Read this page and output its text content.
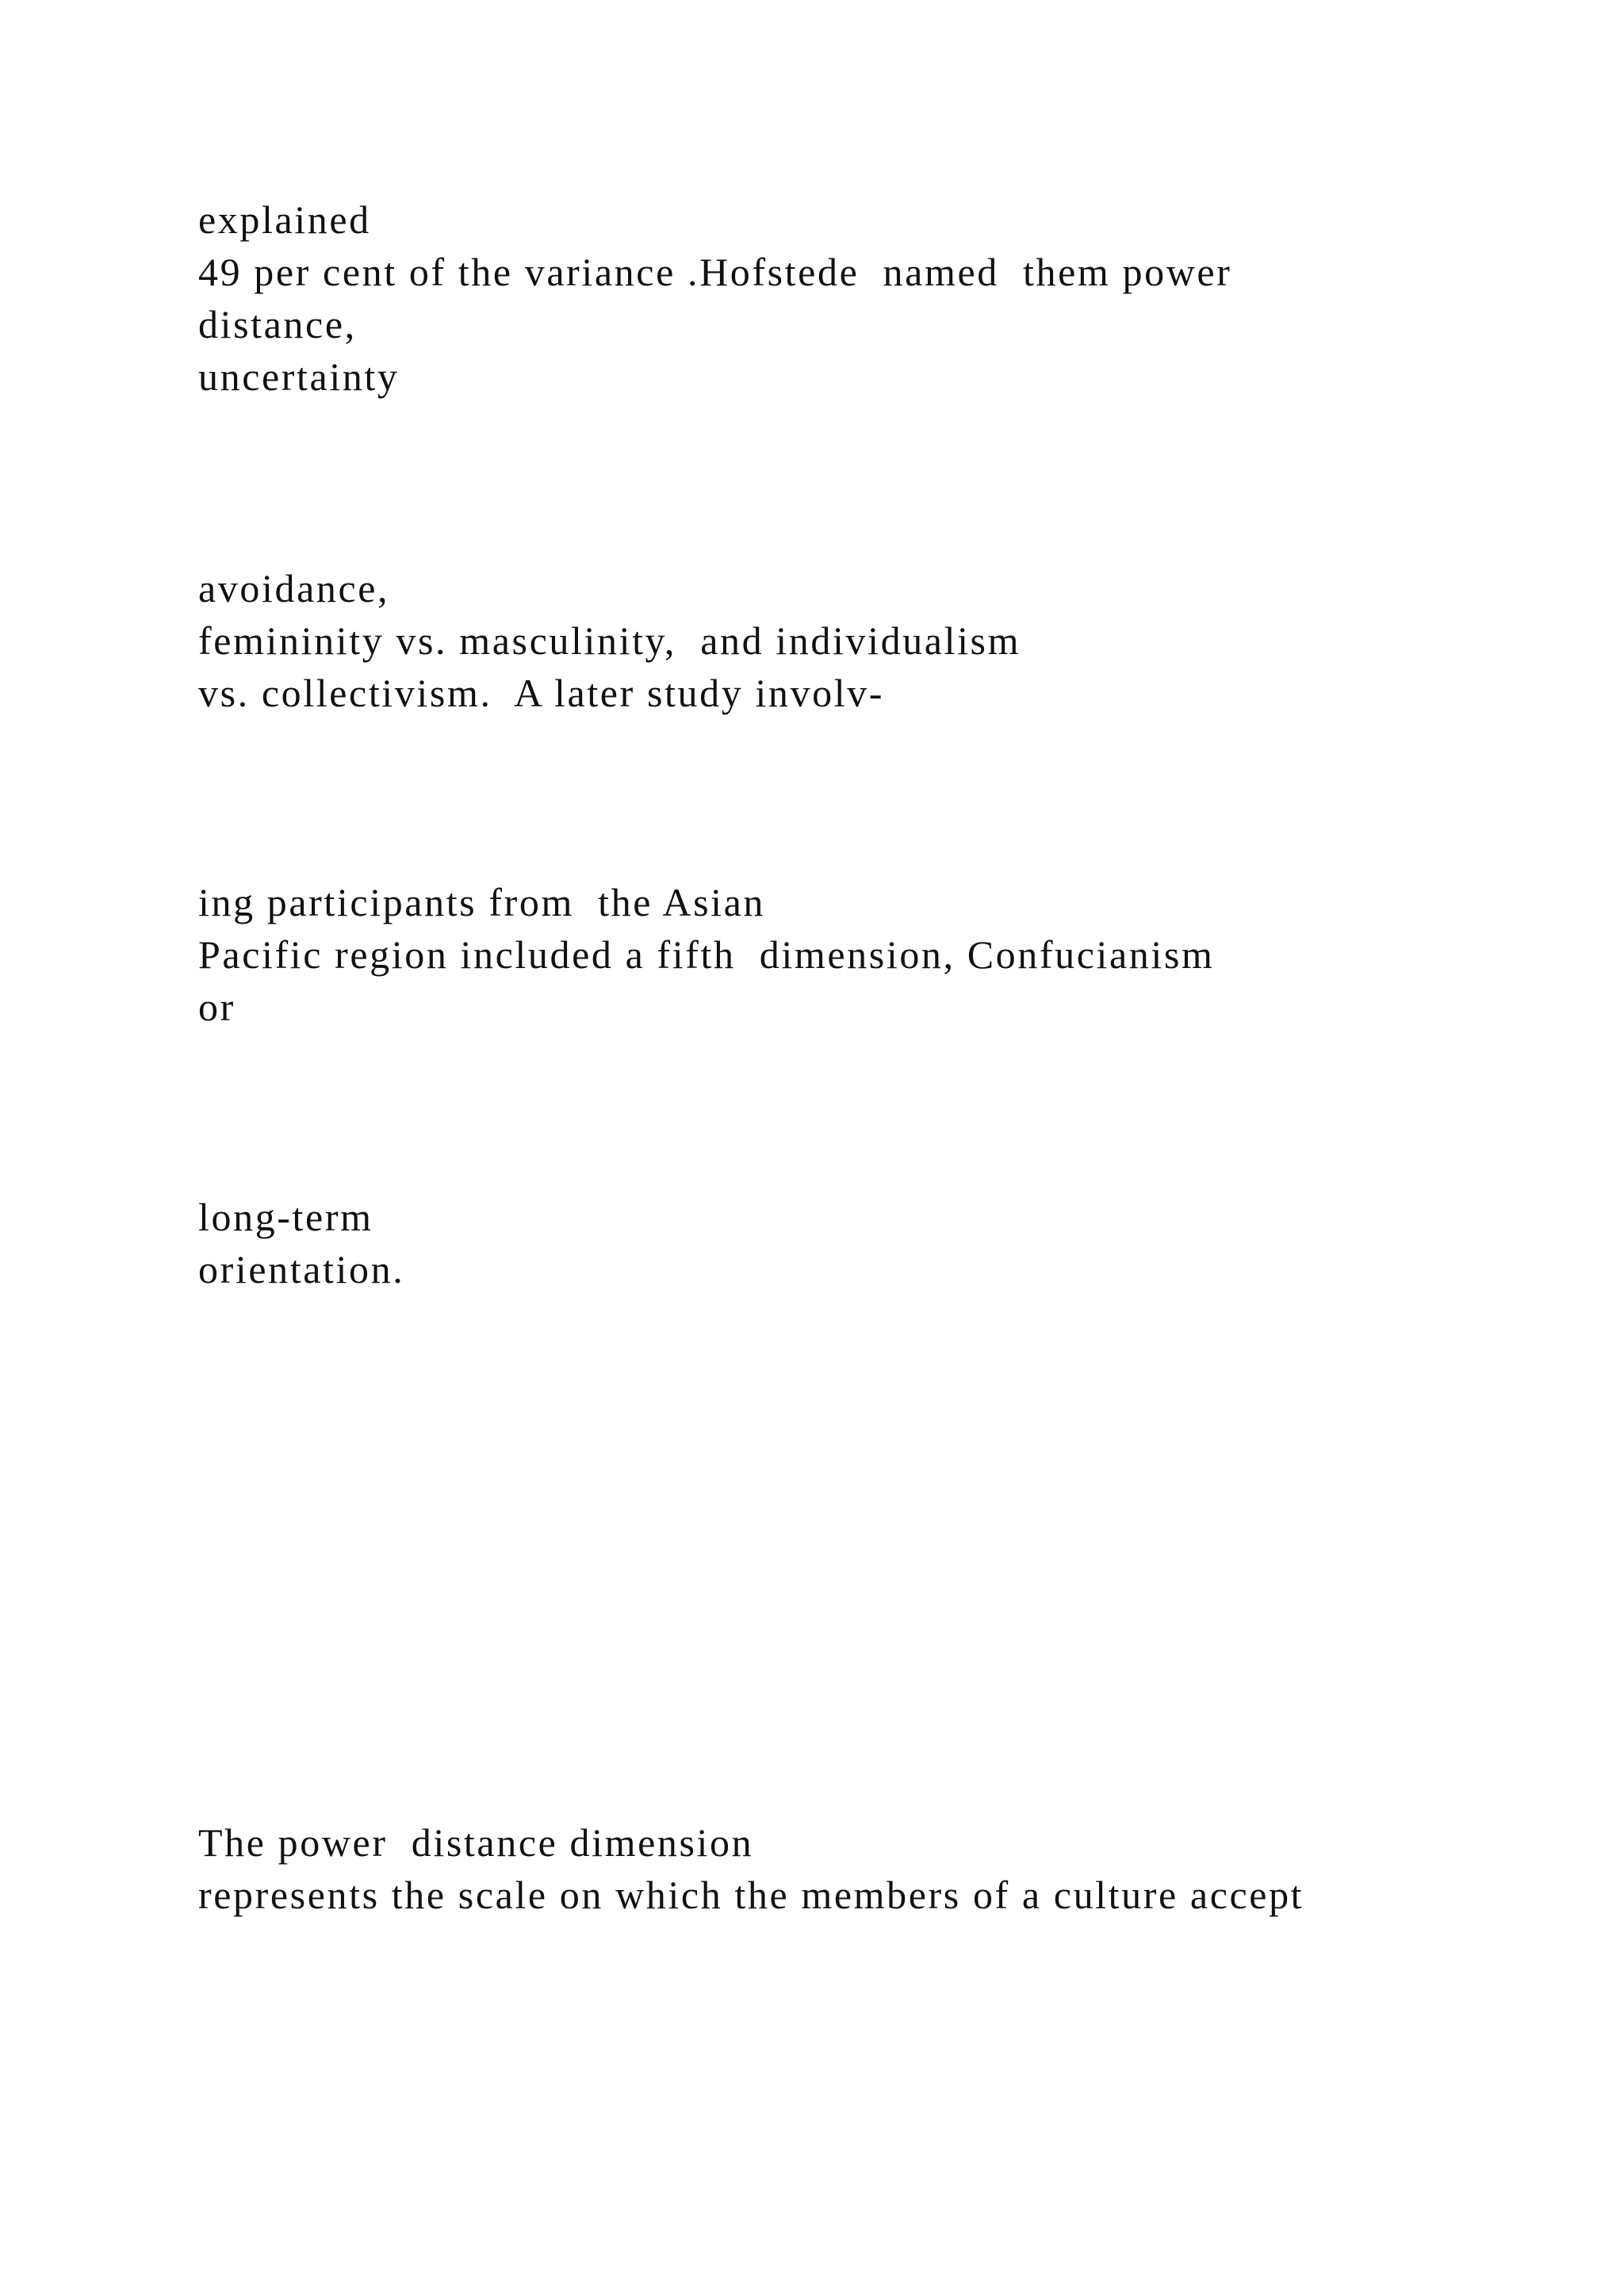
explained
49 per cent of the variance .Hofstede  named  them power
distance,
uncertainty
avoidance,
femininity vs. masculinity,  and individualism
vs. collectivism.  A later study involv-
ing participants from  the Asian
Pacific region included a fifth  dimension, Confucianism
or
long-term
orientation.
The power  distance dimension
represents the scale on which the members of a culture accept
